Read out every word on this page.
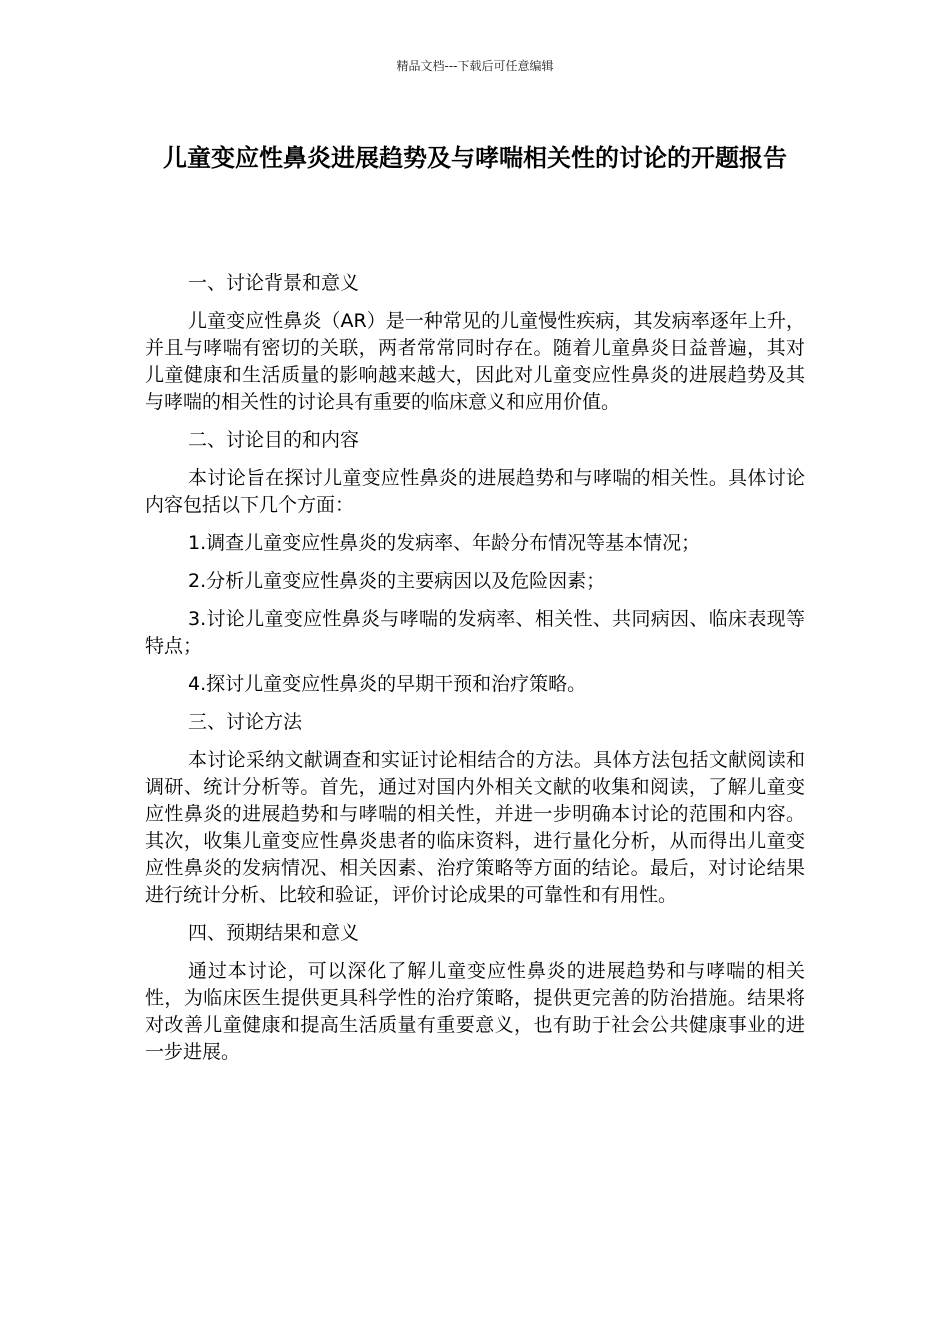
精品文档---下载后可任意编辑
儿童变应性鼻炎进展趋势及与哮喘相关性的讨论的开题报告

一、讨论背景和意义

儿童变应性鼻炎（AR）是一种常见的儿童慢性疾病，其发病率逐年上升，并且与哮喘有密切的关联，两者常常同时存在。随着儿童鼻炎日益普遍，其对儿童健康和生活质量的影响越来越大，因此对儿童变应性鼻炎的进展趋势及其与哮喘的相关性的讨论具有重要的临床意义和应用价值。

二、讨论目的和内容

本讨论旨在探讨儿童变应性鼻炎的进展趋势和与哮喘的相关性。具体讨论内容包括以下几个方面：

1.调查儿童变应性鼻炎的发病率、年龄分布情况等基本情况；

2.分析儿童变应性鼻炎的主要病因以及危险因素；

3.讨论儿童变应性鼻炎与哮喘的发病率、相关性、共同病因、临床表现等特点；

4.探讨儿童变应性鼻炎的早期干预和治疗策略。

三、讨论方法

本讨论采纳文献调查和实证讨论相结合的方法。具体方法包括文献阅读和调研、统计分析等。首先，通过对国内外相关文献的收集和阅读，了解儿童变应性鼻炎的进展趋势和与哮喘的相关性，并进一步明确本讨论的范围和内容。其次，收集儿童变应性鼻炎患者的临床资料，进行量化分析，从而得出儿童变应性鼻炎的发病情况、相关因素、治疗策略等方面的结论。最后，对讨论结果进行统计分析、比较和验证，评价讨论成果的可靠性和有用性。

四、预期结果和意义

通过本讨论，可以深化了解儿童变应性鼻炎的进展趋势和与哮喘的相关性，为临床医生提供更具科学性的治疗策略，提供更完善的防治措施。结果将对改善儿童健康和提高生活质量有重要意义，也有助于社会公共健康事业的进一步进展。
